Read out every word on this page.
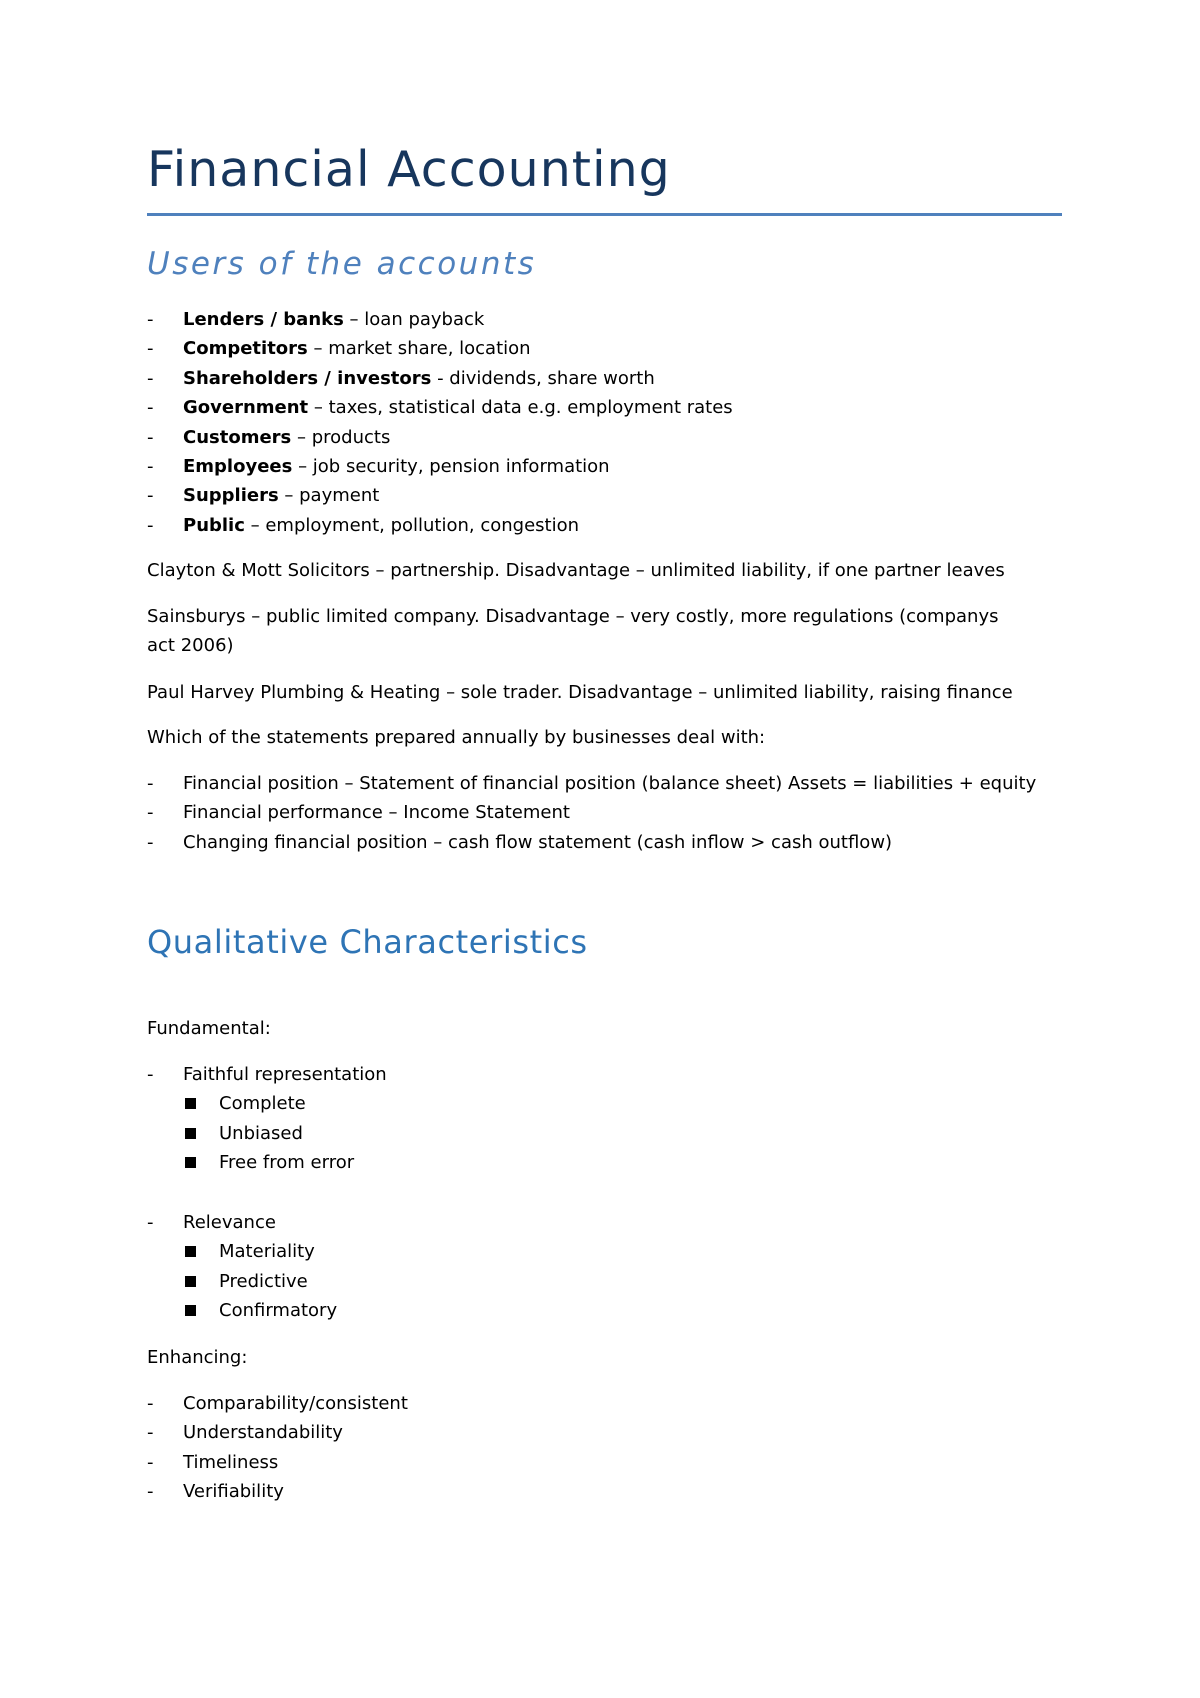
Financial Accounting
Users of the accounts
- Lenders / banks – loan payback
- Competitors – market share, location
- Shareholders / investors - dividends, share worth
- Government – taxes, statistical data e.g. employment rates
- Customers – products
- Employees – job security, pension information
- Suppliers – payment
- Public – employment, pollution, congestion

Clayton & Mott Solicitors – partnership. Disadvantage – unlimited liability, if one partner leaves

Sainsburys – public limited company. Disadvantage – very costly, more regulations (companys act 2006)

Paul Harvey Plumbing & Heating – sole trader. Disadvantage – unlimited liability, raising finance

Which of the statements prepared annually by businesses deal with:

- Financial position – Statement of financial position (balance sheet) Assets = liabilities + equity
- Financial performance – Income Statement
- Changing financial position – cash flow statement (cash inflow > cash outflow)
Qualitative Characteristics

Fundamental:

- Faithful representation
Complete
Unbiased
Free from error
- Relevance
Materiality
Predictive
Confirmatory

Enhancing:

- Comparability/consistent
- Understandability
- Timeliness
- Verifiability
